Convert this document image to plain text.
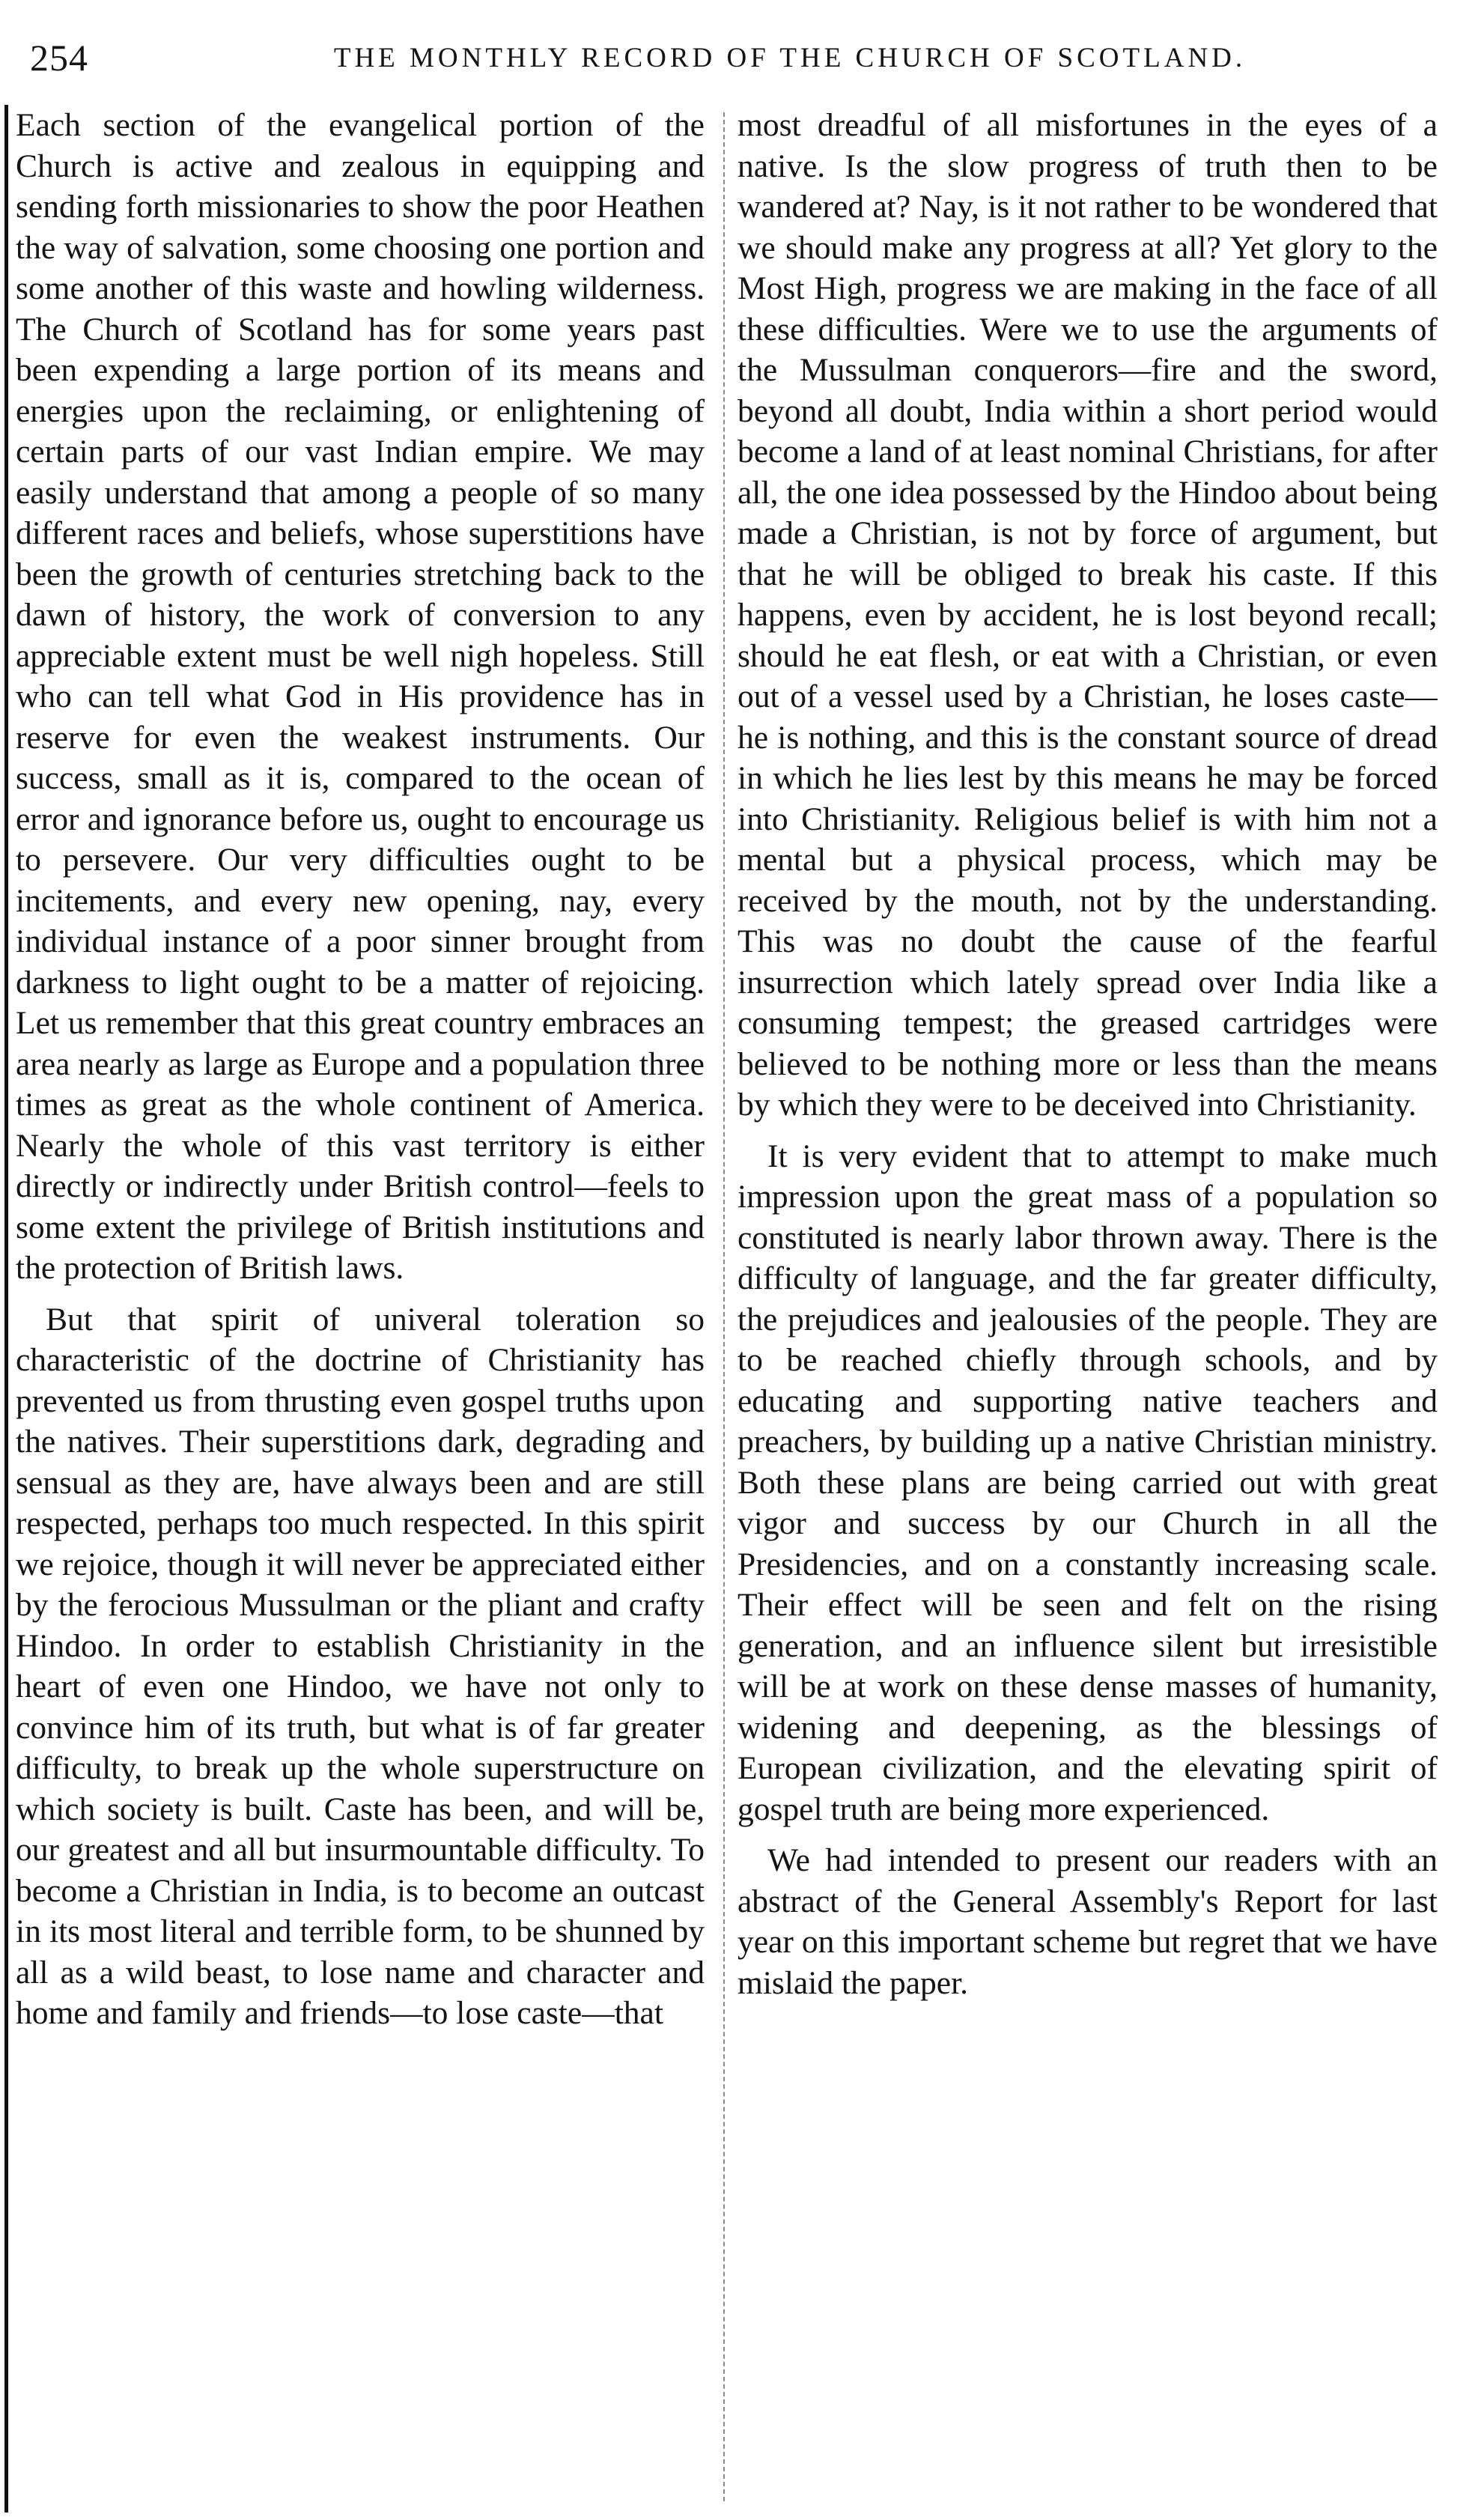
254	THE MONTHLY RECORD OF THE CHURCH OF SCOTLAND.

Each section of the evangelical portion of the Church is active and zealous in equipping and sending forth missionaries to show the poor Heathen the way of salvation, some choosing one portion and some another of this waste and howling wilderness. The Church of Scotland has for some years past been expending a large portion of its means and energies upon the reclaiming, or enlightening of certain parts of our vast Indian empire. We may easily understand that among a people of so many different races and beliefs, whose superstitions have been the growth of centuries stretching back to the dawn of history, the work of conversion to any appreciable extent must be well nigh hopeless. Still who can tell what God in His providence has in reserve for even the weakest instruments. Our success, small as it is, compared to the ocean of error and ignorance before us, ought to encourage us to persevere. Our very difficulties ought to be incitements, and every new opening, nay, every individual instance of a poor sinner brought from darkness to light ought to be a matter of rejoicing. Let us remember that this great country embraces an area nearly as large as Europe and a population three times as great as the whole continent of America. Nearly the whole of this vast territory is either directly or indirectly under British control—feels to some extent the privilege of British institutions and the protection of British laws.

But that spirit of univeral toleration so characteristic of the doctrine of Christianity has prevented us from thrusting even gospel truths upon the natives. Their superstitions dark, degrading and sensual as they are, have always been and are still respected, perhaps too much respected. In this spirit we rejoice, though it will never be appreciated either by the ferocious Mussulman or the pliant and crafty Hindoo. In order to establish Christianity in the heart of even one Hindoo, we have not only to convince him of its truth, but what is of far greater difficulty, to break up the whole superstructure on which society is built. Caste has been, and will be, our greatest and all but insurmountable difficulty. To become a Christian in India, is to become an outcast in its most literal and terrible form, to be shunned by all as a wild beast, to lose name and character and home and family and friends—to lose caste—that

most dreadful of all misfortunes in the eyes of a native. Is the slow progress of truth then to be wandered at? Nay, is it not rather to be wondered that we should make any progress at all? Yet glory to the Most High, progress we are making in the face of all these difficulties. Were we to use the arguments of the Mussulman conquerors—fire and the sword, beyond all doubt, India within a short period would become a land of at least nominal Christians, for after all, the one idea possessed by the Hindoo about being made a Christian, is not by force of argument, but that he will be obliged to break his caste. If this happens, even by accident, he is lost beyond recall; should he eat flesh, or eat with a Christian, or even out of a vessel used by a Christian, he loses caste—he is nothing, and this is the constant source of dread in which he lies lest by this means he may be forced into Christianity. Religious belief is with him not a mental but a physical process, which may be received by the mouth, not by the understanding. This was no doubt the cause of the fearful insurrection which lately spread over India like a consuming tempest; the greased cartridges were believed to be nothing more or less than the means by which they were to be deceived into Christianity.

It is very evident that to attempt to make much impression upon the great mass of a population so constituted is nearly labor thrown away. There is the difficulty of language, and the far greater difficulty, the prejudices and jealousies of the people. They are to be reached chiefly through schools, and by educating and supporting native teachers and preachers, by building up a native Christian ministry. Both these plans are being carried out with great vigor and success by our Church in all the Presidencies, and on a constantly increasing scale. Their effect will be seen and felt on the rising generation, and an influence silent but irresistible will be at work on these dense masses of humanity, widening and deepening, as the blessings of European civilization, and the elevating spirit of gospel truth are being more experienced.

We had intended to present our readers with an abstract of the General Assembly's Report for last year on this important scheme but regret that we have mislaid the paper.
